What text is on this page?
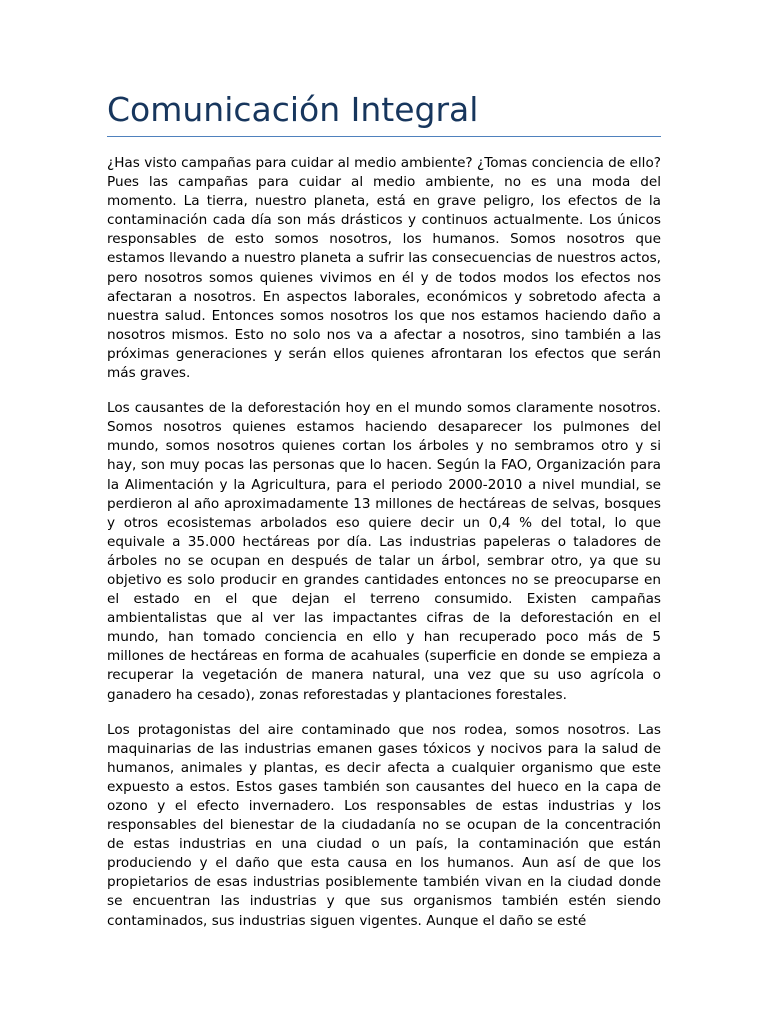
Comunicación Integral

¿Has visto campañas para cuidar al medio ambiente? ¿Tomas conciencia de ello? Pues las campañas para cuidar al medio ambiente, no es una moda del momento. La tierra, nuestro planeta, está en grave peligro, los efectos de la contaminación cada día son más drásticos y continuos actualmente. Los únicos responsables de esto somos nosotros, los humanos. Somos nosotros que estamos llevando a nuestro planeta a sufrir las consecuencias de nuestros actos, pero nosotros somos quienes vivimos en él y de todos modos los efectos nos afectaran a nosotros. En aspectos laborales, económicos y sobretodo afecta a nuestra salud. Entonces somos nosotros los que nos estamos haciendo daño a nosotros mismos. Esto no solo nos va a afectar a nosotros, sino también a las próximas generaciones y serán ellos quienes afrontaran los efectos que serán más graves.

Los causantes de la deforestación hoy en el mundo somos claramente nosotros. Somos nosotros quienes estamos haciendo desaparecer los pulmones del mundo, somos nosotros quienes cortan los árboles y no sembramos otro y si hay, son muy pocas las personas que lo hacen. Según la FAO, Organización para la Alimentación y la Agricultura, para el periodo 2000-2010 a nivel mundial, se perdieron al año aproximadamente 13 millones de hectáreas de selvas, bosques y otros ecosistemas arbolados eso quiere decir un 0,4 % del total, lo que equivale a 35.000 hectáreas por día. Las industrias papeleras o taladores de árboles no se ocupan en después de talar un árbol, sembrar otro, ya que su objetivo es solo producir en grandes cantidades entonces no se preocuparse en el estado en el que dejan el terreno consumido. Existen campañas ambientalistas que al ver las impactantes cifras de la deforestación en el mundo, han tomado conciencia en ello y han recuperado poco más de 5 millones de hectáreas en forma de acahuales (superficie en donde se empieza a recuperar la vegetación de manera natural, una vez que su uso agrícola o ganadero ha cesado), zonas reforestadas y plantaciones forestales.

Los protagonistas del aire contaminado que nos rodea, somos nosotros. Las maquinarias de las industrias emanen gases tóxicos y nocivos para la salud de humanos, animales y plantas, es decir afecta a cualquier organismo que este expuesto a estos. Estos gases también son causantes del hueco en la capa de ozono y el efecto invernadero. Los responsables de estas industrias y los responsables del bienestar de la ciudadanía no se ocupan de la concentración de estas industrias en una ciudad o un país, la contaminación que están produciendo y el daño que esta causa en los humanos. Aun así de que los propietarios de esas industrias posiblemente también vivan en la ciudad donde se encuentran las industrias y que sus organismos también estén siendo contaminados, sus industrias siguen vigentes. Aunque el daño se esté
